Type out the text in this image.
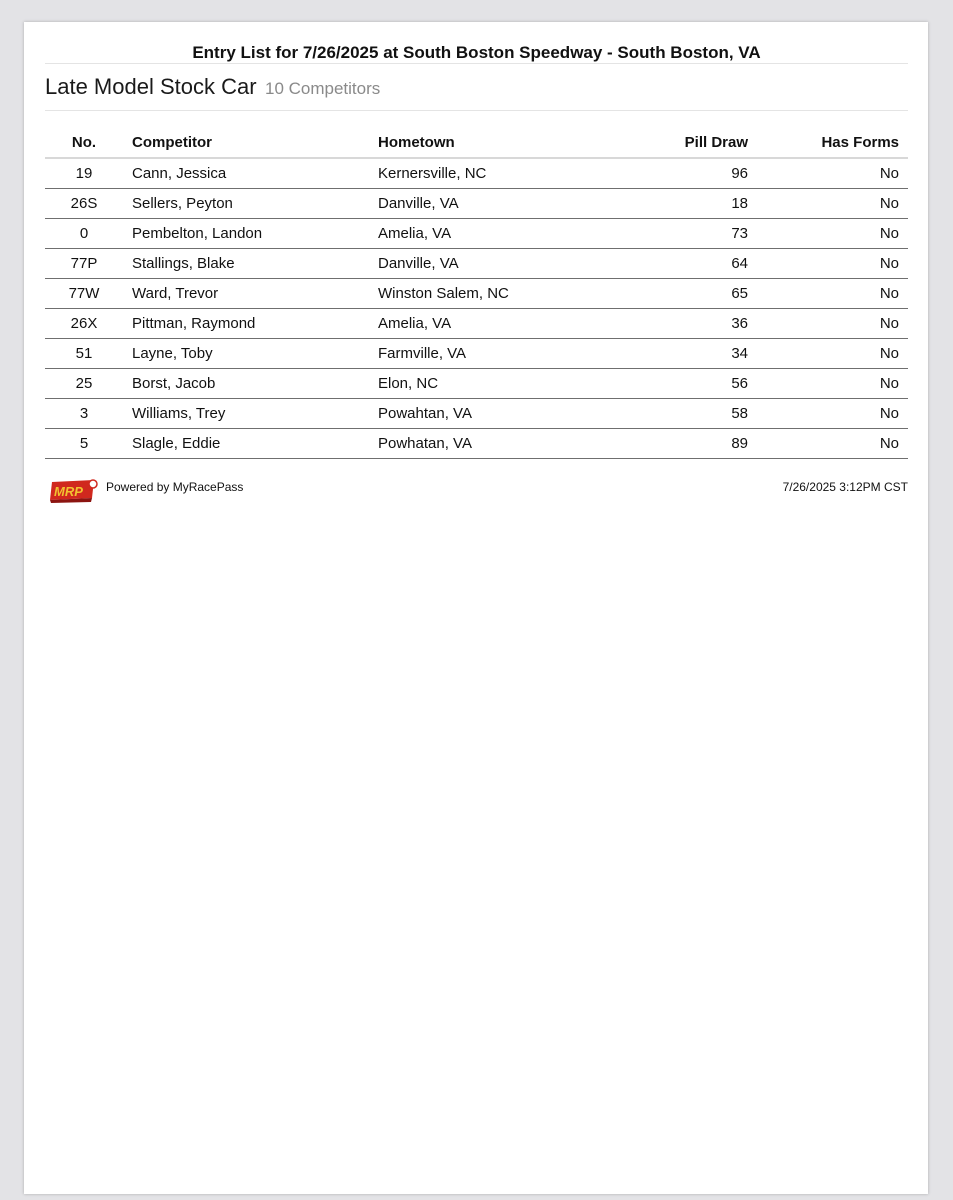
Entry List for 7/26/2025 at South Boston Speedway - South Boston, VA
Late Model Stock Car 10 Competitors
No.	Competitor	Hometown	Pill Draw	Has Forms
19	Cann, Jessica	Kernersville, NC	96	No
26S	Sellers, Peyton	Danville, VA	18	No
0	Pembelton, Landon	Amelia, VA	73	No
77P	Stallings, Blake	Danville, VA	64	No
77W	Ward, Trevor	Winston Salem, NC	65	No
26X	Pittman, Raymond	Amelia, VA	36	No
51	Layne, Toby	Farmville, VA	34	No
25	Borst, Jacob	Elon, NC	56	No
3	Williams, Trey	Powahtan, VA	58	No
5	Slagle, Eddie	Powhatan, VA	89	No
MRP Powered by MyRacePass	7/26/2025 3:12PM CST
